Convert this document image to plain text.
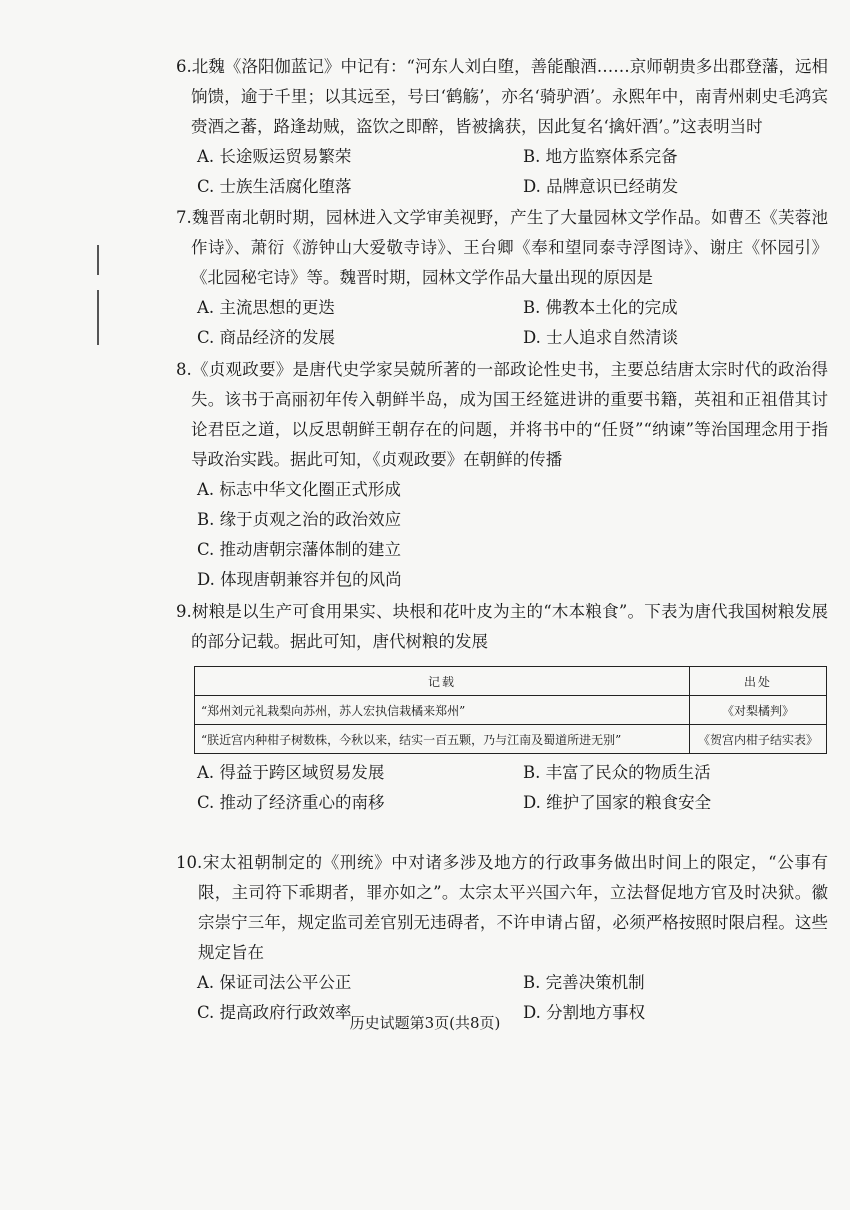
6.北魏《洛阳伽蓝记》中记有：“河东人刘白堕，善能酿酒……京师朝贵多出郡登藩，远相饷馈，逾于千里；以其远至，号曰‘鹤觞’，亦名‘骑驴酒’。永熙年中，南青州刺史毛鸿宾赍酒之蕃，路逢劫贼，盗饮之即醉，皆被擒获，因此复名‘擒奸酒’。”这表明当时

A. 长途贩运贸易繁荣	B. 地方监察体系完备
C. 士族生活腐化堕落	D. 品牌意识已经萌发

7.魏晋南北朝时期，园林进入文学审美视野，产生了大量园林文学作品。如曹丕《芙蓉池作诗》、萧衍《游钟山大爱敬寺诗》、王台卿《奉和望同泰寺浮图诗》、谢庄《怀园引》《北园秘宅诗》等。魏晋时期，园林文学作品大量出现的原因是

A. 主流思想的更迭	B. 佛教本土化的完成
C. 商品经济的发展	D. 士人追求自然清谈

8.《贞观政要》是唐代史学家吴兢所著的一部政论性史书，主要总结唐太宗时代的政治得失。该书于高丽初年传入朝鲜半岛，成为国王经筵进讲的重要书籍，英祖和正祖借其讨论君臣之道，以反思朝鲜王朝存在的问题，并将书中的“任贤”“纳谏”等治国理念用于指导政治实践。据此可知，《贞观政要》在朝鲜的传播

A. 标志中华文化圈正式形成
B. 缘于贞观之治的政治效应
C. 推动唐朝宗藩体制的建立
D. 体现唐朝兼容并包的风尚

9.树粮是以生产可食用果实、块根和花叶皮为主的“木本粮食”。下表为唐代我国树粮发展的部分记载。据此可知，唐代树粮的发展

记载	出处
“郑州刘元礼栽梨向苏州，苏人宏执信栽橘来郑州”	《对梨橘判》
“朕近宫内种柑子树数株，今秋以来，结实一百五颗，乃与江南及蜀道所进无别”	《贺宫内柑子结实表》
A. 得益于跨区域贸易发展	B. 丰富了民众的物质生活
C. 推动了经济重心的南移	D. 维护了国家的粮食安全

10.宋太祖朝制定的《刑统》中对诸多涉及地方的行政事务做出时间上的限定，“公事有限，主司符下乖期者，罪亦如之”。太宗太平兴国六年，立法督促地方官及时决狱。徽宗崇宁三年，规定监司差官别无违碍者，不许申请占留，必须严格按照时限启程。这些规定旨在

A. 保证司法公平公正	B. 完善决策机制
C. 提高政府行政效率	D. 分割地方事权
历史试题第3页(共8页)
